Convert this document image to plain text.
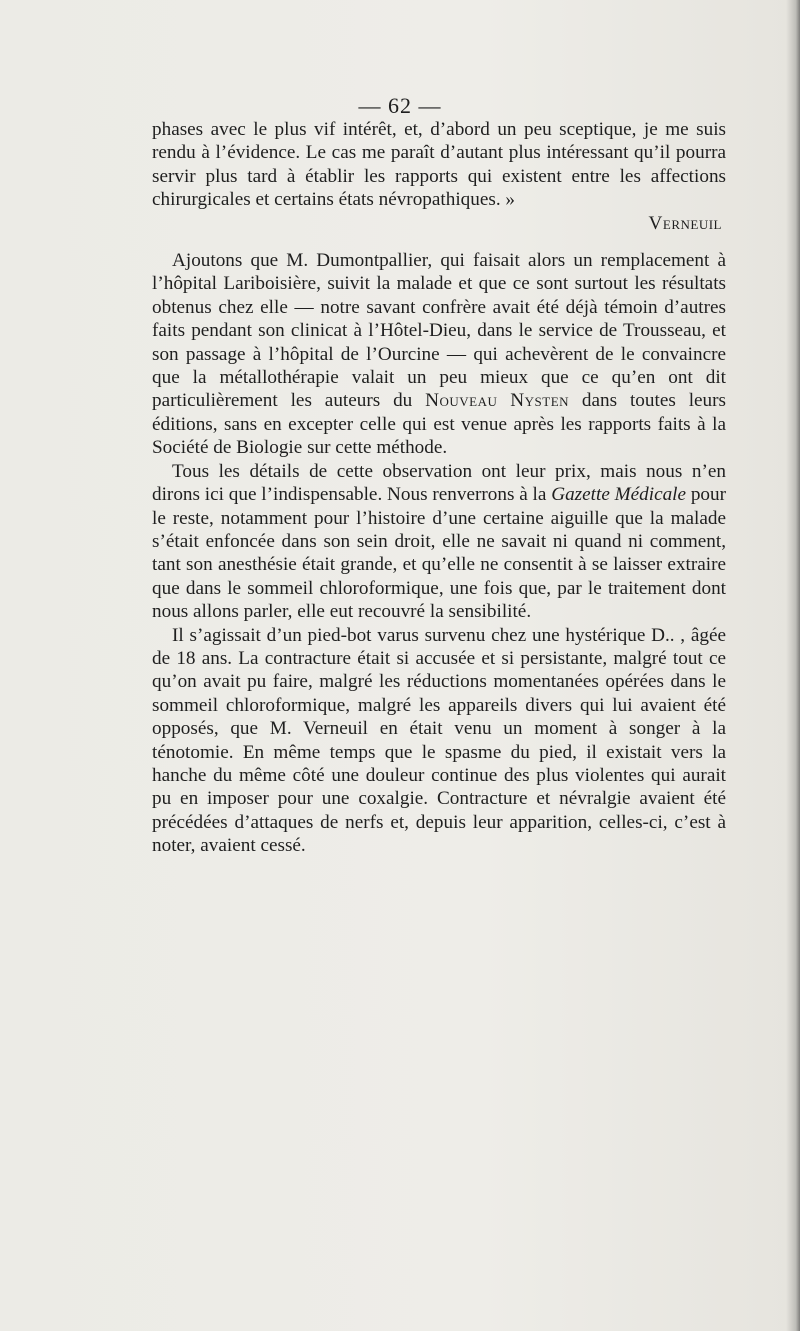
— 62 —

phases avec le plus vif intérêt, et, d’abord un peu sceptique, je me suis rendu à l’évidence. Le cas me paraît d’autant plus intéressant qu’il pourra servir plus tard à établir les rapports qui existent entre les affections chirurgicales et certains états névropathiques. »

Verneuil

Ajoutons que M. Dumontpallier, qui faisait alors un remplacement à l’hôpital Lariboisière, suivit la malade et que ce sont surtout les résultats obtenus chez elle — notre savant confrère avait été déjà témoin d’autres faits pendant son clinicat à l’Hôtel-Dieu, dans le service de Trousseau, et son passage à l’hôpital de l’Ourcine — qui achevèrent de le convaincre que la métallothérapie valait un peu mieux que ce qu’en ont dit particulièrement les auteurs du Nouveau Nysten dans toutes leurs éditions, sans en excepter celle qui est venue après les rapports faits à la Société de Biologie sur cette méthode.

Tous les détails de cette observation ont leur prix, mais nous n’en dirons ici que l’indispensable. Nous renverrons à la Gazette Médicale pour le reste, notamment pour l’histoire d’une certaine aiguille que la malade s’était enfoncée dans son sein droit, elle ne savait ni quand ni comment, tant son anesthésie était grande, et qu’elle ne consentit à se laisser extraire que dans le sommeil chloroformique, une fois que, par le traitement dont nous allons parler, elle eut recouvré la sensibilité.

Il s’agissait d’un pied-bot varus survenu chez une hystérique D.. , âgée de 18 ans. La contracture était si accusée et si persistante, malgré tout ce qu’on avait pu faire, malgré les réductions momentanées opérées dans le sommeil chloroformique, malgré les appareils divers qui lui avaient été opposés, que M. Verneuil en était venu un moment à songer à la ténotomie. En même temps que le spasme du pied, il existait vers la hanche du même côté une douleur continue des plus violentes qui aurait pu en imposer pour une coxalgie. Contracture et névralgie avaient été précédées d’attaques de nerfs et, depuis leur apparition, celles-ci, c’est à noter, avaient cessé.
